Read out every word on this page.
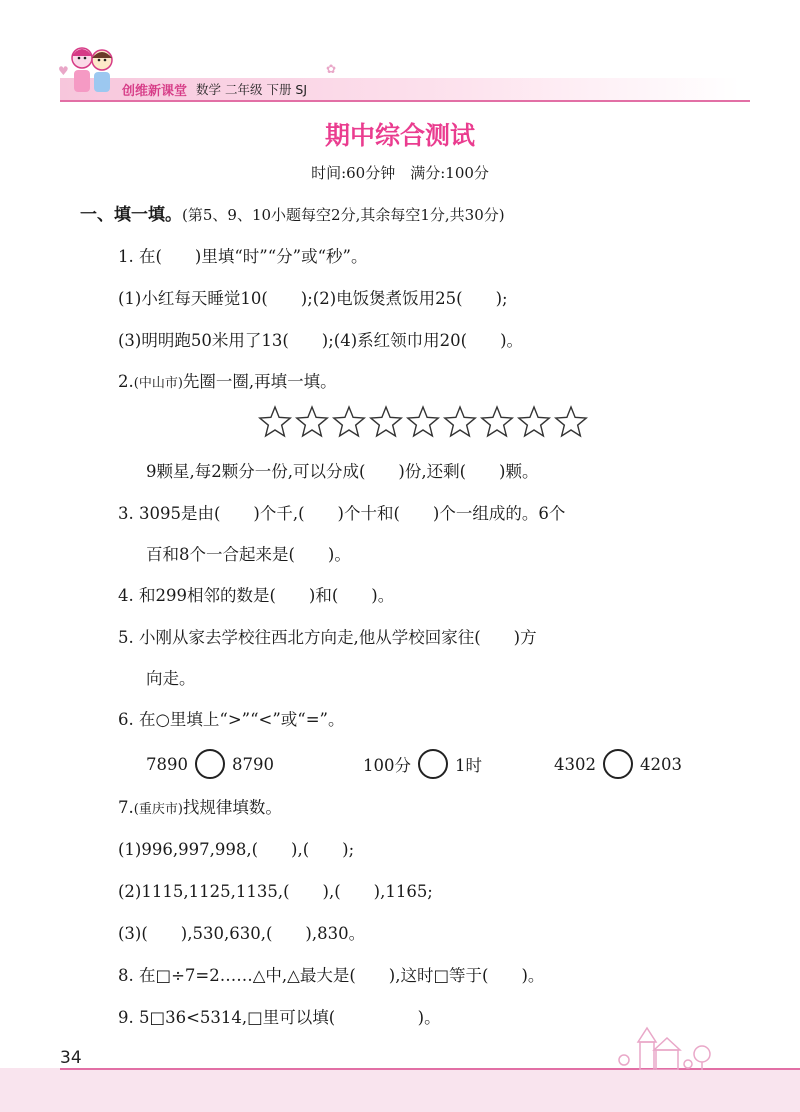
创维新课堂 数学 二年级 下册 SJ
✿
♥
期中综合测试
时间:60分钟　满分:100分
一、填一填。(第5、9、10小题每空2分,其余每空1分,共30分)
1. 在(　　)里填“时”“分”或“秒”。
(1)小红每天睡觉10(　　);(2)电饭煲煮饭用25(　　);
(3)明明跑50米用了13(　　);(4)系红领巾用20(　　)。
2.(中山市)先圈一圈,再填一填。
9颗星,每2颗分一份,可以分成(　　)份,还剩(　　)颗。
3. 3095是由(　　)个千,(　　)个十和(　　)个一组成的。6个
百和8个一合起来是(　　)。
4. 和299相邻的数是(　　)和(　　)。
5. 小刚从家去学校往西北方向走,他从学校回家往(　　)方
向走。
6. 在○里填上“>”“<”或“=”。
7890	8790	100分	1时	4302	4203
7.(重庆市)找规律填数。
(1)996,997,998,(　　),(　　);
(2)1115,1125,1135,(　　),(　　),1165;
(3)(　　),530,630,(　　),830。
8. 在□÷7=2……△中,△最大是(　　),这时□等于(　　)。
9. 5□36<5314,□里可以填(　　　　　)。
34
